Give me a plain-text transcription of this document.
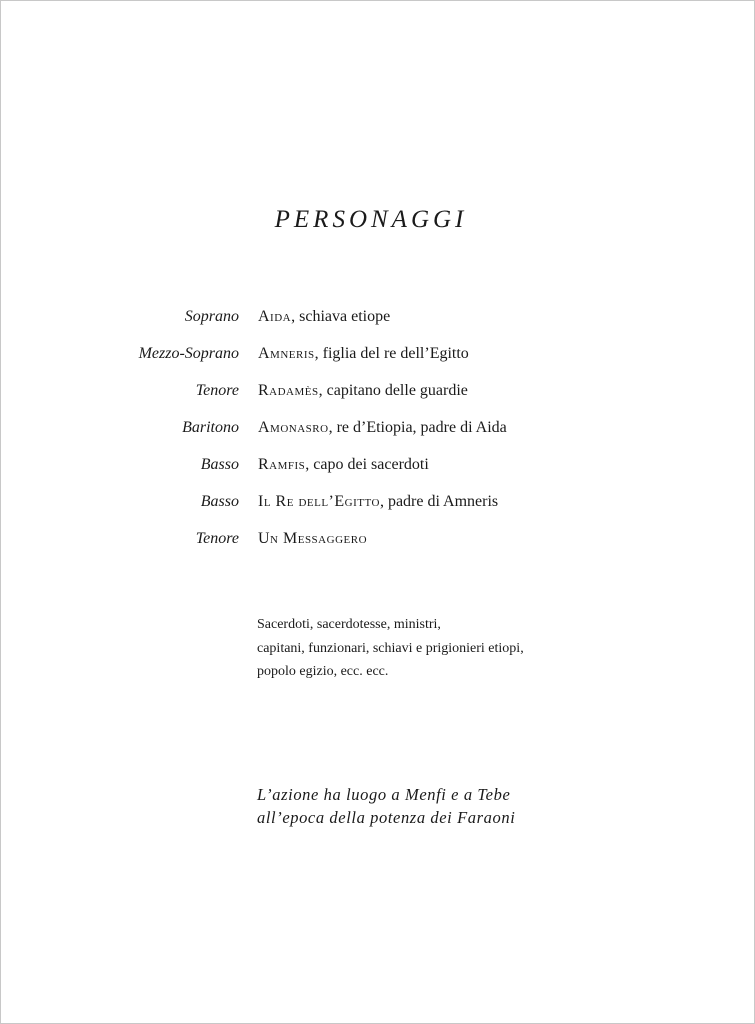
PERSONAGGI
Soprano Aida, schiava etiope
Mezzo-Soprano Amneris, figlia del re dell’Egitto
Tenore Radamès, capitano delle guardie
Baritono Amonasro, re d’Etiopia, padre di Aida
Basso Ramfis, capo dei sacerdoti
Basso Il Re dell’Egitto, padre di Amneris
Tenore Un Messaggero
Sacerdoti, sacerdotesse, ministri,
capitani, funzionari, schiavi e prigionieri etiopi,
popolo egizio, ecc. ecc.
L’azione ha luogo a Menfi e a Tebe
all’epoca della potenza dei Faraoni
